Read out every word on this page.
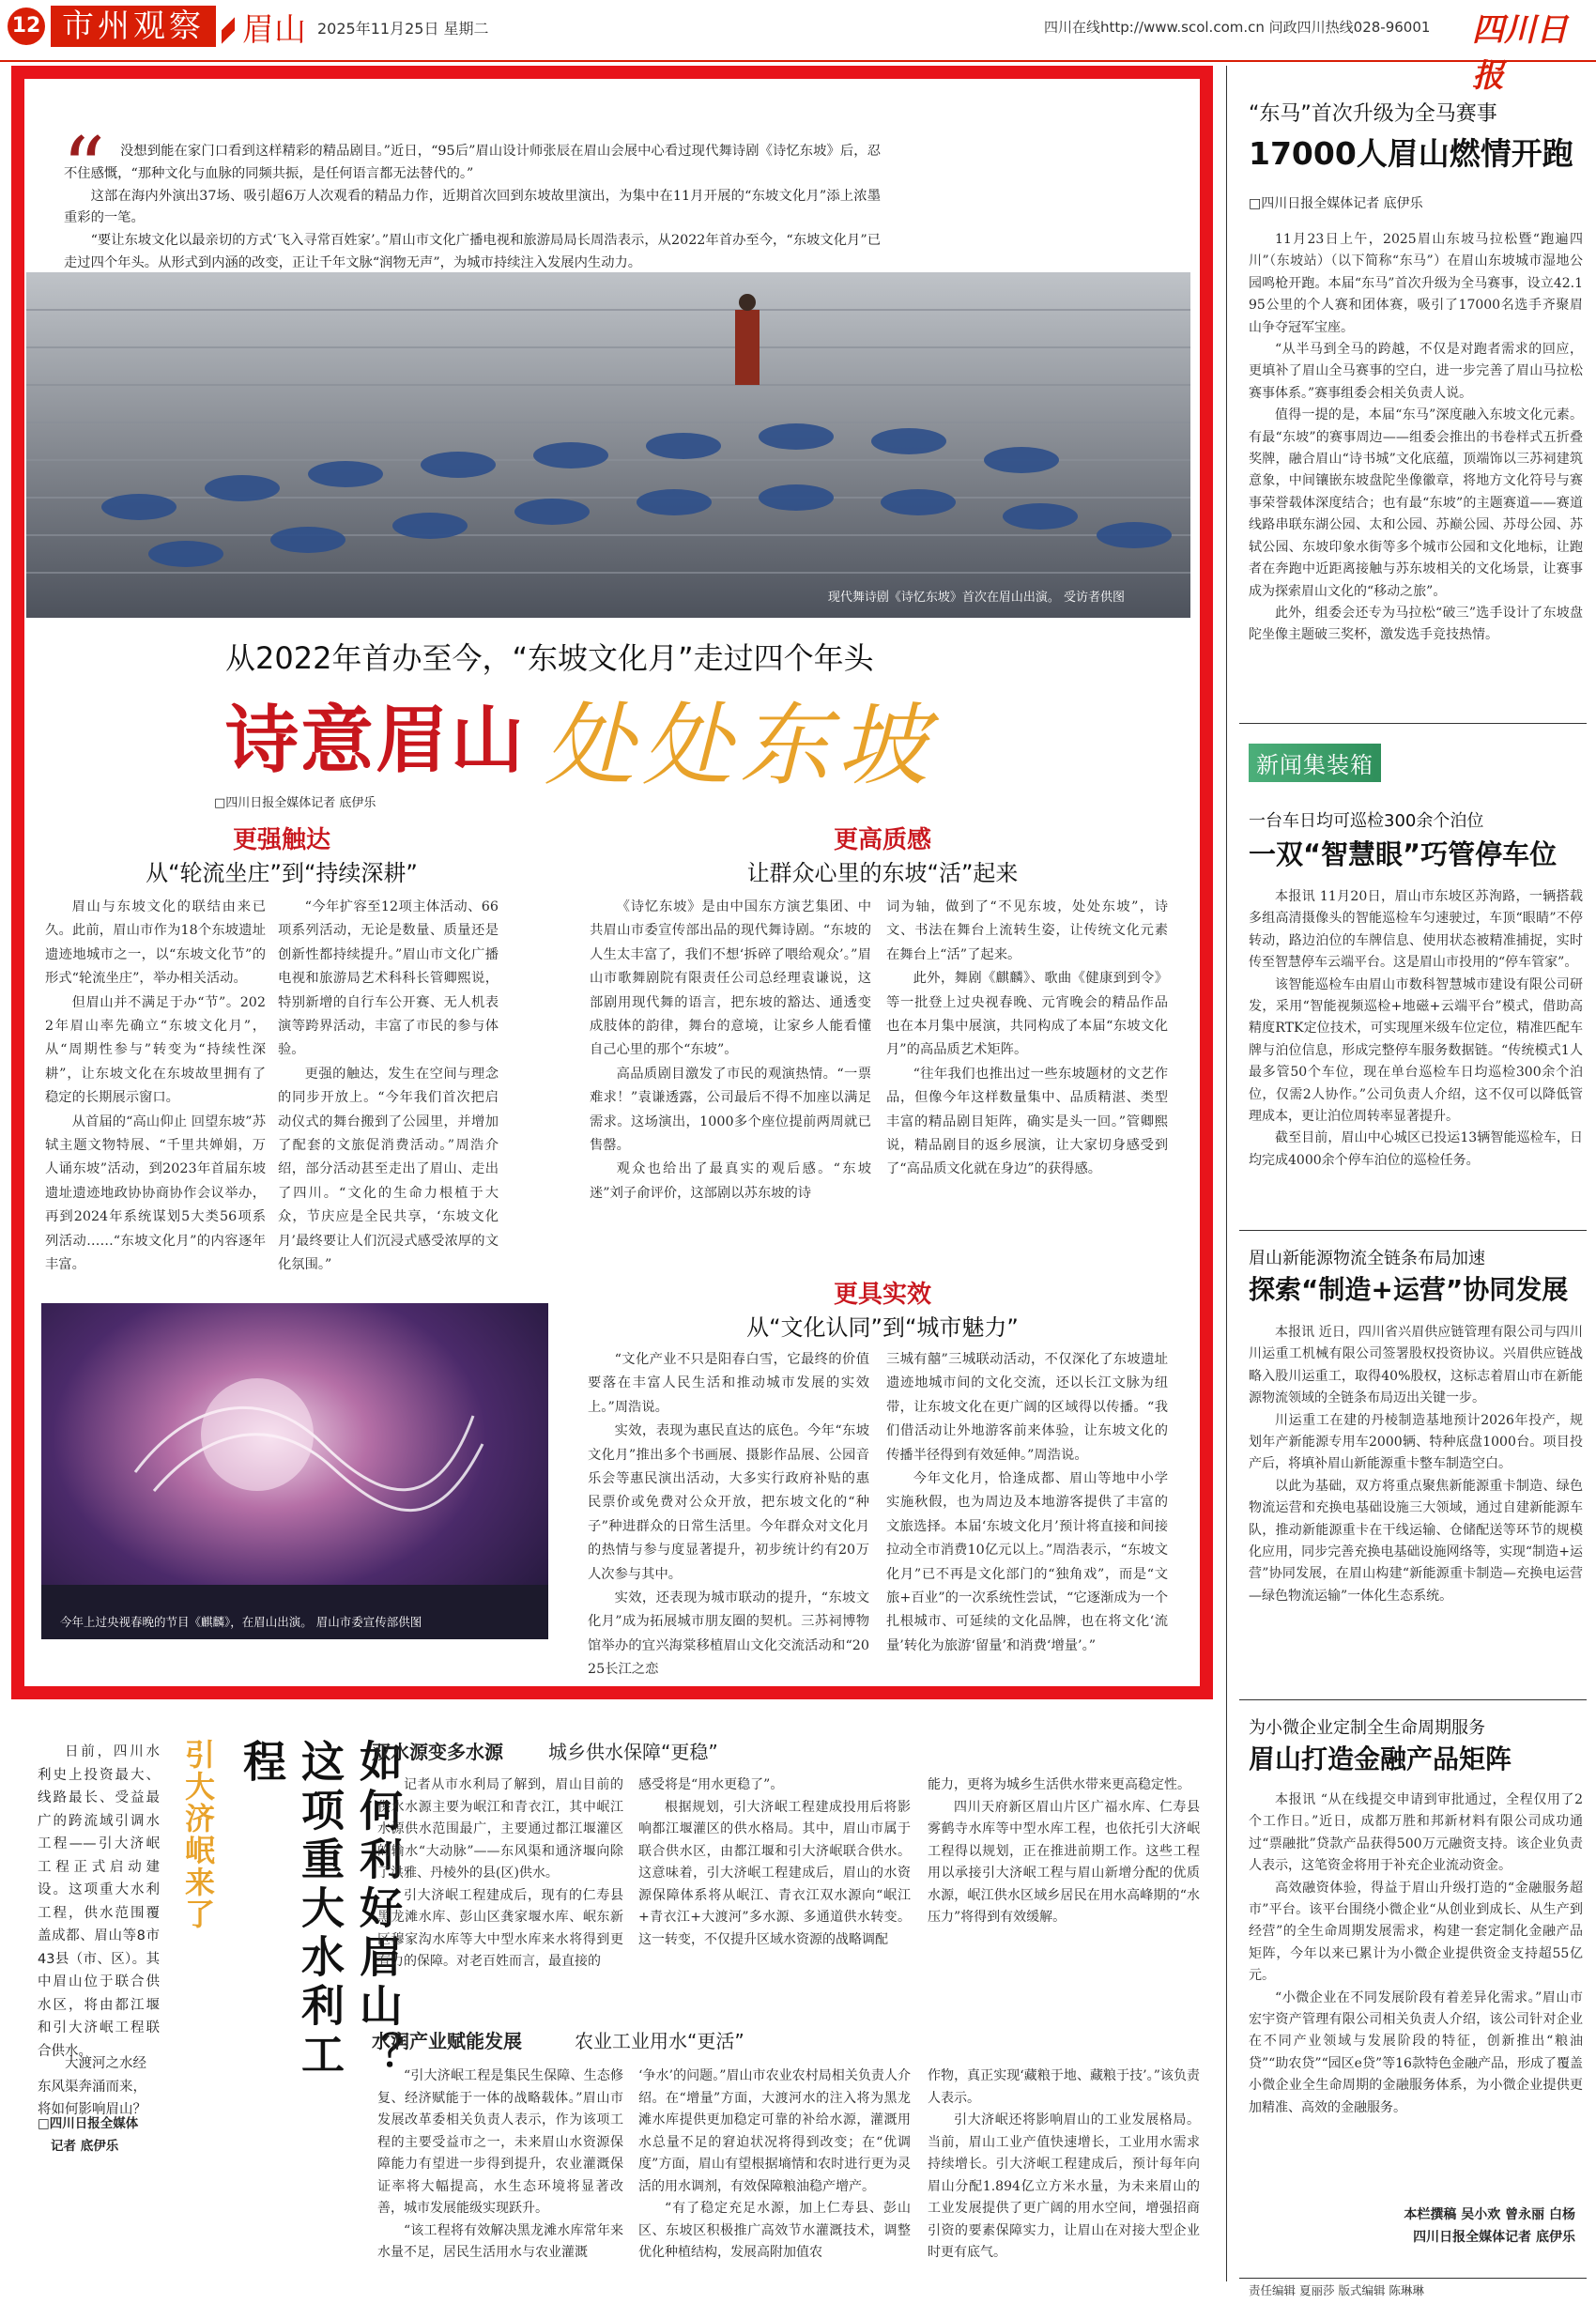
12 市州观察	眉山 2025年11月25日 星期二	四川在线http://www.scol.com.cn 问政四川热线028-96001 四川日报
“	没想到能在家门口看到这样精彩的精品剧目。”近日，“95后”眉山设计师张辰在眉山会展中心看过现代舞诗剧《诗忆东坡》后，忍不住感慨，“那种文化与血脉的同频共振，是任何语言都无法替代的。”

这部在海内外演出37场、吸引超6万人次观看的精品力作，近期首次回到东坡故里演出，为集中在11月开展的“东坡文化月”添上浓墨重彩的一笔。

“要让东坡文化以最亲切的方式‘飞入寻常百姓家’。”眉山市文化广播电视和旅游局局长周浩表示，从2022年首办至今，“东坡文化月”已走过四个年头。从形式到内涵的改变，正让千年文脉“润物无声”，为城市持续注入发展内生动力。

现代舞诗剧《诗忆东坡》首次在眉山出演。 受访者供图
从2022年首办至今，“东坡文化月”走过四个年头
诗意眉山 处处东坡
□四川日报全媒体记者 底伊乐
更强触达
从“轮流坐庄”到“持续深耕”

眉山与东坡文化的联结由来已久。此前，眉山市作为18个东坡遗址遗迹地城市之一，以“东坡文化节”的形式“轮流坐庄”，举办相关活动。

但眉山并不满足于办“节”。2022年眉山率先确立“东坡文化月”，从“周期性参与”转变为“持续性深耕”，让东坡文化在东坡故里拥有了稳定的长期展示窗口。

从首届的“高山仰止 回望东坡”苏轼主题文物特展、“千里共婵娟，万人诵东坡”活动，到2023年首届东坡遗址遗迹地政协协商协作会议举办，再到2024年系统谋划5大类56项系列活动……“东坡文化月”的内容逐年丰富。

“今年扩容至12项主体活动、66项系列活动，无论是数量、质量还是创新性都持续提升。”眉山市文化广播电视和旅游局艺术科科长管卿熙说，特别新增的自行车公开赛、无人机表演等跨界活动，丰富了市民的参与体验。

更强的触达，发生在空间与理念的同步开放上。“今年我们首次把启动仪式的舞台搬到了公园里，并增加了配套的文旅促消费活动。”周浩介绍，部分活动甚至走出了眉山、走出了四川。“文化的生命力根植于大众，节庆应是全民共享，‘东坡文化月’最终要让人们沉浸式感受浓厚的文化氛围。”

更高质感
让群众心里的东坡“活”起来

《诗忆东坡》是由中国东方演艺集团、中共眉山市委宣传部出品的现代舞诗剧。“东坡的人生太丰富了，我们不想‘拆碎了喂给观众’。”眉山市歌舞剧院有限责任公司总经理袁谦说，这部剧用现代舞的语言，把东坡的豁达、通透变成肢体的韵律，舞台的意境，让家乡人能看懂自己心里的那个“东坡”。

高品质剧目激发了市民的观演热情。“一票难求！”袁谦透露，公司最后不得不加座以满足需求。这场演出，1000多个座位提前两周就已售罄。

观众也给出了最真实的观后感。“东坡迷”刘子俞评价，这部剧以苏东坡的诗

词为轴，做到了“不见东坡，处处东坡”，诗文、书法在舞台上流转生姿，让传统文化元素在舞台上“活”了起来。

此外，舞剧《麒麟》、歌曲《健康到到令》等一批登上过央视春晚、元宵晚会的精品作品也在本月集中展演，共同构成了本届“东坡文化月”的高品质艺术矩阵。

“往年我们也推出过一些东坡题材的文艺作品，但像今年这样数量集中、品质精湛、类型丰富的精品剧目矩阵，确实是头一回。”管卿熙说，精品剧目的返乡展演，让大家切身感受到了“高品质文化就在身边”的获得感。

今年上过央视春晚的节目《麒麟》，在眉山出演。 眉山市委宣传部供图
更具实效
从“文化认同”到“城市魅力”

“文化产业不只是阳春白雪，它最终的价值要落在丰富人民生活和推动城市发展的实效上。”周浩说。

实效，表现为惠民直达的底色。今年“东坡文化月”推出多个书画展、摄影作品展、公园音乐会等惠民演出活动，大多实行政府补贴的惠民票价或免费对公众开放，把东坡文化的“种子”种进群众的日常生活里。今年群众对文化月的热情与参与度显著提升，初步统计约有20万人次参与其中。

实效，还表现为城市联动的提升，“东坡文化月”成为拓展城市朋友圈的契机。三苏祠博物馆举办的宜兴海棠移植眉山文化交流活动和“2025长江之恋

三城有囍”三城联动活动，不仅深化了东坡遗址遗迹地城市间的文化交流，还以长江文脉为纽带，让东坡文化在更广阔的区域得以传播。“我们借活动让外地游客前来体验，让东坡文化的传播半径得到有效延伸。”周浩说。

今年文化月，恰逢成都、眉山等地中小学实施秋假，也为周边及本地游客提供了丰富的文旅选择。本届‘东坡文化月’预计将直接和间接拉动全市消费10亿元以上。”周浩表示，“东坡文化月”已不再是文化部门的“独角戏”，而是“文旅+百业”的一次系统性尝试，“它逐渐成为一个扎根城市、可延续的文化品牌，也在将文化‘流量’转化为旅游‘留量’和消费‘增量’。”

“东马”首次升级为全马赛事
17000人眉山燃情开跑
□四川日报全媒体记者 底伊乐

11月23日上午，2025眉山东坡马拉松暨“跑遍四川”（东坡站）（以下简称“东马”）在眉山东坡城市湿地公园鸣枪开跑。本届“东马”首次升级为全马赛事，设立42.195公里的个人赛和团体赛，吸引了17000名选手齐聚眉山争夺冠军宝座。

“从半马到全马的跨越，不仅是对跑者需求的回应，更填补了眉山全马赛事的空白，进一步完善了眉山马拉松赛事体系。”赛事组委会相关负责人说。

值得一提的是，本届“东马”深度融入东坡文化元素。有最“东坡”的赛事周边——组委会推出的书卷样式五折叠奖牌，融合眉山“诗书城”文化底蕴，顶端饰以三苏祠建筑意象，中间镶嵌东坡盘陀坐像徽章，将地方文化符号与赛事荣誉载体深度结合；也有最“东坡”的主题赛道——赛道线路串联东湖公园、太和公园、苏巅公园、苏母公园、苏轼公园、东坡印象水街等多个城市公园和文化地标，让跑者在奔跑中近距离接触与苏东坡相关的文化场景，让赛事成为探索眉山文化的“移动之旅”。

此外，组委会还专为马拉松“破三”选手设计了东坡盘陀坐像主题破三奖杯，激发选手竞技热情。

新闻集装箱
一台车日均可巡检300余个泊位
一双“智慧眼”巧管停车位

本报讯 11月20日，眉山市东坡区苏洵路，一辆搭载多组高清摄像头的智能巡检车匀速驶过，车顶“眼睛”不停转动，路边泊位的车牌信息、使用状态被精准捕捉，实时传至智慧停车云端平台。这是眉山市投用的“停车管家”。

该智能巡检车由眉山市数科智慧城市建设有限公司研发，采用“智能视频巡检+地磁+云端平台”模式，借助高精度RTK定位技术，可实现厘米级车位定位，精准匹配车牌与泊位信息，形成完整停车服务数据链。“传统模式1人最多管50个车位，现在单台巡检车日均巡检300余个泊位，仅需2人协作。”公司负责人介绍，这不仅可以降低管理成本，更让泊位周转率显著提升。

截至目前，眉山中心城区已投运13辆智能巡检车，日均完成4000余个停车泊位的巡检任务。

眉山新能源物流全链条布局加速
探索“制造+运营”协同发展

本报讯 近日，四川省兴眉供应链管理有限公司与四川川运重工机械有限公司签署股权投资协议。兴眉供应链战略入股川运重工，取得40%股权，这标志着眉山市在新能源物流领域的全链条布局迈出关键一步。

川运重工在建的丹棱制造基地预计2026年投产，规划年产新能源专用车2000辆、特种底盘1000台。项目投产后，将填补眉山新能源重卡整车制造空白。

以此为基础，双方将重点聚焦新能源重卡制造、绿色物流运营和充换电基础设施三大领域，通过自建新能源车队，推动新能源重卡在干线运输、仓储配送等环节的规模化应用，同步完善充换电基础设施网络等，实现“制造+运营”协同发展，在眉山构建“新能源重卡制造—充换电运营—绿色物流运输”一体化生态系统。

为小微企业定制全生命周期服务
眉山打造金融产品矩阵

本报讯 “从在线提交申请到审批通过，全程仅用了2个工作日。”近日，成都万胜和邦新材料有限公司成功通过“票融批”贷款产品获得500万元融资支持。该企业负责人表示，这笔资金将用于补充企业流动资金。

高效融资体验，得益于眉山升级打造的“金融服务超市”平台。该平台围绕小微企业“从创业到成长、从生产到经营”的全生命周期发展需求，构建一套定制化金融产品矩阵，今年以来已累计为小微企业提供资金支持超55亿元。

“小微企业在不同发展阶段有着差异化需求。”眉山市宏宇资产管理有限公司相关负责人介绍，该公司针对企业在不同产业领域与发展阶段的特征，创新推出“粮油贷”“助农贷”“园区e贷”等16款特色金融产品，形成了覆盖小微企业全生命周期的金融服务体系，为小微企业提供更加精准、高效的金融服务。

本栏撰稿 吴小欢 曾永丽 白杨
四川日报全媒体记者 底伊乐
日前，四川水利史上投资最大、线路最长、受益最广的跨流域引调水工程——引大济岷工程正式启动建设。这项重大水利工程，供水范围覆盖成都、眉山等8市43县（市、区）。其中眉山位于联合供水区，将由都江堰和引大济岷工程联合供水。
大渡河之水经东风渠奔涌而来，将如何影响眉山？
□四川日报全媒体
记者 底伊乐
引大济岷来了	如何利好眉山？这项重大水利工程	双水源变多水源 城乡供水保障“更稳”

记者从市水利局了解到，眉山目前的供水水源主要为岷江和青衣江，其中岷江水源供水范围最广，主要通过都江堰灌区的输水“大动脉”——东风渠和通济堰向除了洪雅、丹棱外的县(区)供水。

引大济岷工程建成后，现有的仁寿县黑龙滩水库、彭山区龚家堰水库、岷东新区穆家沟水库等大中型水库来水将得到更有力的保障。对老百姓而言，最直接的

感受将是“用水更稳了”。

根据规划，引大济岷工程建成投用后将影响都江堰灌区的供水格局。其中，眉山市属于联合供水区，由都江堰和引大济岷联合供水。这意味着，引大济岷工程建成后，眉山的水资源保障体系将从岷江、青衣江双水源向“岷江+青衣江+大渡河”多水源、多通道供水转变。这一转变，不仅提升区域水资源的战略调配

能力，更将为城乡生活供水带来更高稳定性。

四川天府新区眉山片区广福水库、仁寿县雾鹤寺水库等中型水库工程，也依托引大济岷工程得以规划，正在推进前期工作。这些工程用以承接引大济岷工程与眉山新增分配的优质水源，岷江供水区域乡居民在用水高峰期的“水压力”将得到有效缓解。

水润产业赋能发展	农业工业用水“更活”

“引大济岷工程是集民生保障、生态修复、经济赋能于一体的战略载体。”眉山市发展改革委相关负责人表示，作为该项工程的主要受益市之一，未来眉山水资源保障能力有望进一步得到提升，农业灌溉保证率将大幅提高，水生态环境将显著改善，城市发展能级实现跃升。

“该工程将有效解决黑龙滩水库常年来水量不足，居民生活用水与农业灌溉

‘争水’的问题。”眉山市农业农村局相关负责人介绍。在“增量”方面，大渡河水的注入将为黑龙滩水库提供更加稳定可靠的补给水源，灌溉用水总量不足的窘迫状况将得到改变；在“优调度”方面，眉山有望根据墒情和农时进行更为灵活的用水调剂，有效保障粮油稳产增产。

“有了稳定充足水源，加上仁寿县、彭山区、东坡区积极推广高效节水灌溉技术，调整优化种植结构，发展高附加值农

作物，真正实现‘藏粮于地、藏粮于技’。”该负责人表示。

引大济岷还将影响眉山的工业发展格局。当前，眉山工业产值快速增长，工业用水需求持续增长。引大济岷工程建成后，预计每年向眉山分配1.894亿立方米水量，为未来眉山的工业发展提供了更广阔的用水空间，增强招商引资的要素保障实力，让眉山在对接大型企业时更有底气。

责任编辑 夏丽莎 版式编辑 陈琳琳
